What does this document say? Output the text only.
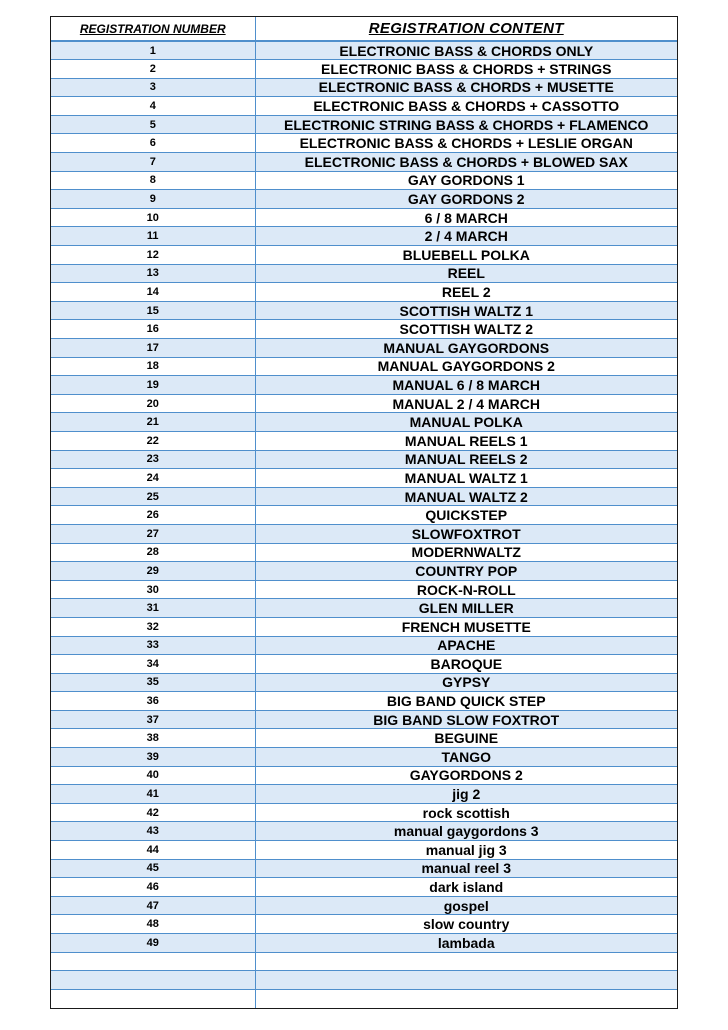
REGISTRATION NUMBER	REGISTRATION CONTENT
1	ELECTRONIC BASS & CHORDS ONLY
2	ELECTRONIC BASS & CHORDS + STRINGS
3	ELECTRONIC BASS & CHORDS + MUSETTE
4	ELECTRONIC BASS & CHORDS + CASSOTTO
5	ELECTRONIC STRING BASS & CHORDS + FLAMENCO
6	ELECTRONIC BASS & CHORDS + LESLIE ORGAN
7	ELECTRONIC BASS & CHORDS + BLOWED SAX
8	GAY GORDONS 1
9	GAY GORDONS 2
10	6 / 8 MARCH
11	2 / 4 MARCH
12	BLUEBELL POLKA
13	REEL
14	REEL 2
15	SCOTTISH WALTZ 1
16	SCOTTISH WALTZ 2
17	MANUAL GAYGORDONS
18	MANUAL GAYGORDONS 2
19	MANUAL 6 / 8 MARCH
20	MANUAL 2 / 4 MARCH
21	MANUAL POLKA
22	MANUAL REELS 1
23	MANUAL REELS 2
24	MANUAL WALTZ 1
25	MANUAL WALTZ 2
26	QUICKSTEP
27	SLOWFOXTROT
28	MODERNWALTZ
29	COUNTRY POP
30	ROCK-N-ROLL
31	GLEN MILLER
32	FRENCH MUSETTE
33	APACHE
34	BAROQUE
35	GYPSY
36	BIG BAND QUICK STEP
37	BIG BAND SLOW FOXTROT
38	BEGUINE
39	TANGO
40	GAYGORDONS 2
41	jig 2
42	rock scottish
43	manual gaygordons 3
44	manual jig 3
45	manual reel 3
46	dark island
47	gospel
48	slow country
49	lambada
